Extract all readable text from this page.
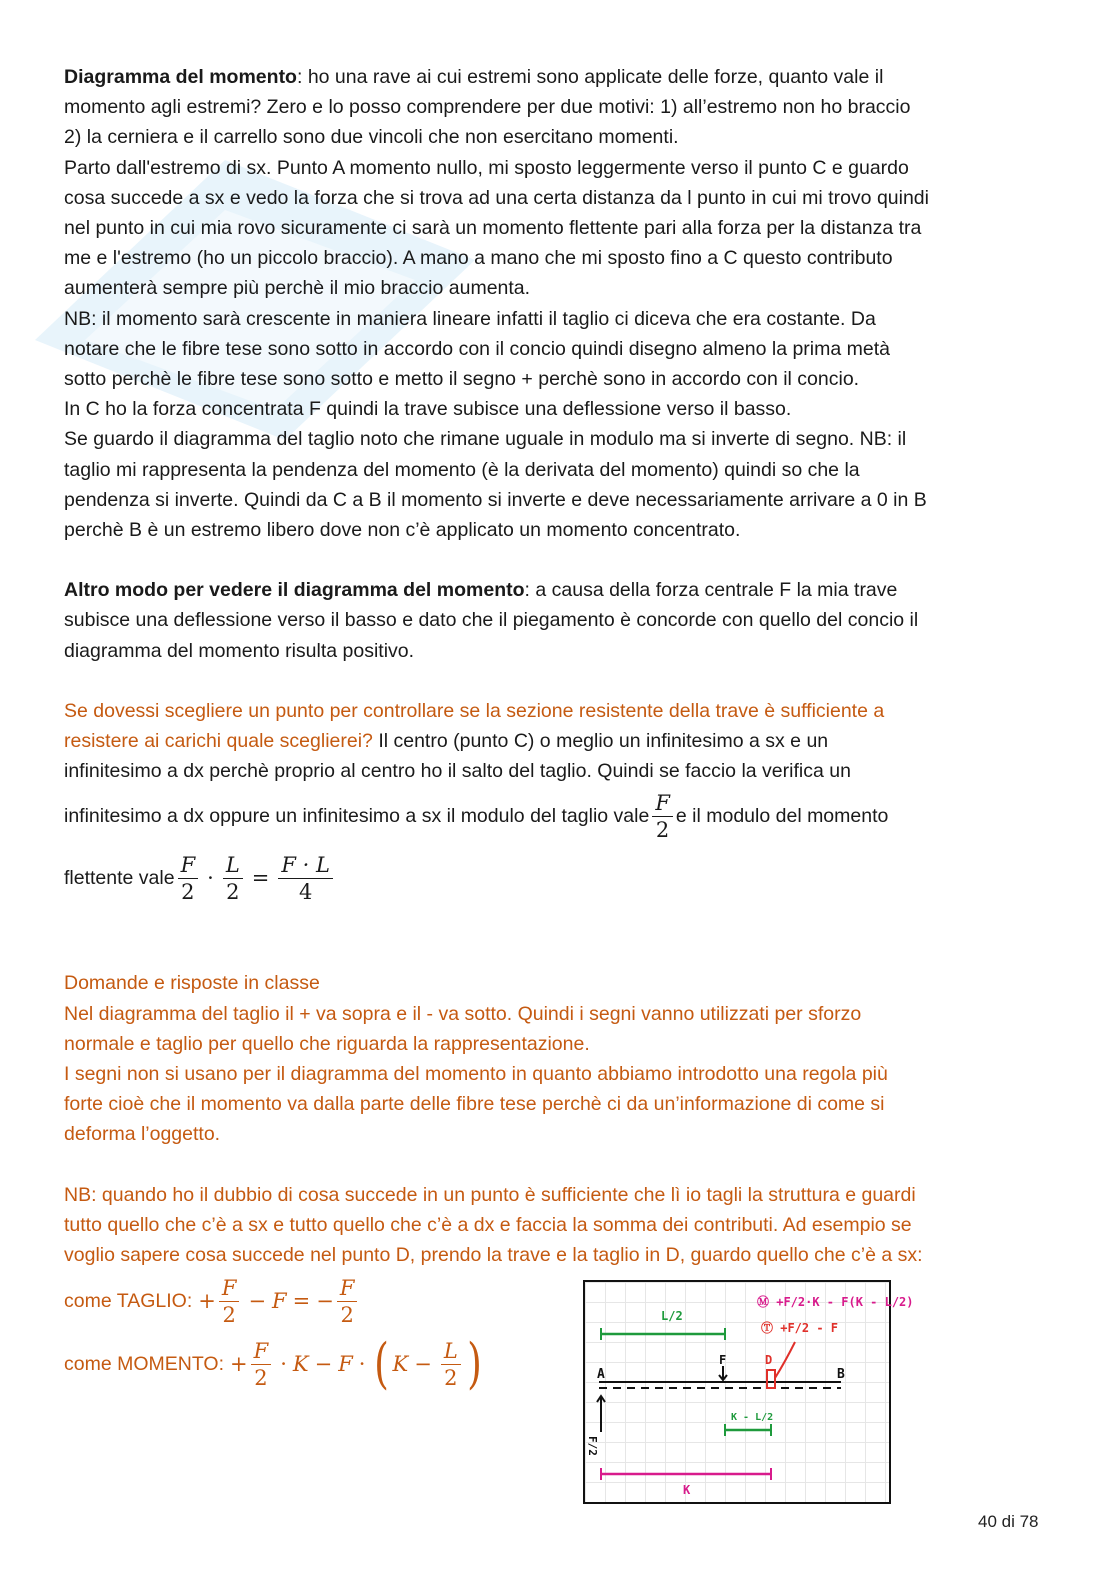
Diagramma del momento: ho una rave ai cui estremi sono applicate delle forze, quanto vale il

momento agli estremi? Zero e lo posso comprendere per due motivi: 1) all’estremo non ho braccio

2) la cerniera e il carrello sono due vincoli che non esercitano momenti.

Parto dall'estremo di sx. Punto A momento nullo, mi sposto leggermente verso il punto C e guardo

cosa succede a sx e vedo la forza che si trova ad una certa distanza da l punto in cui mi trovo quindi

nel punto in cui mia rovo sicuramente ci sarà un momento flettente pari alla forza per la distanza tra

me e l'estremo (ho un piccolo braccio). A mano a mano che mi sposto fino a C questo contributo

aumenterà sempre più perchè il mio braccio aumenta.

NB: il momento sarà crescente in maniera lineare infatti il taglio ci diceva che era costante. Da

notare che le fibre tese sono sotto in accordo con il concio quindi disegno almeno la prima metà

sotto perchè le fibre tese sono sotto e metto il segno + perchè sono in accordo con il concio.

In C ho la forza concentrata F quindi la trave subisce una deflessione verso il basso.

Se guardo il diagramma del taglio noto che rimane uguale in modulo ma si inverte di segno. NB: il

taglio mi rappresenta la pendenza del momento (è la derivata del momento) quindi so che la

pendenza si inverte. Quindi da C a B il momento si inverte e deve necessariamente arrivare a 0 in B

perchè B è un estremo libero dove non c’è applicato un momento concentrato.

Altro modo per vedere il diagramma del momento: a causa della forza centrale F la mia trave

subisce una deflessione verso il basso e dato che il piegamento è concorde con quello del concio il

diagramma del momento risulta positivo.

Se dovessi scegliere un punto per controllare se la sezione resistente della trave è sufficiente a

resistere ai carichi quale sceglierei? Il centro (punto C) o meglio un infinitesimo a sx e un

infinitesimo a dx perchè proprio al centro ho il salto del taglio. Quindi se faccio la verifica un

infinitesimo a dx oppure un infinitesimo a sx il modulo del taglio vale $\frac{F}{2}$ e il modulo del momento
flettente vale $\frac{F}{2} \cdot \frac{L}{2} = \frac{F \cdot L}{4}$

Domande e risposte in classe

Nel diagramma del taglio il + va sopra e il - va sotto. Quindi i segni vanno utilizzati per sforzo

normale e taglio per quello che riguarda la rappresentazione.

I segni non si usano per il diagramma del momento in quanto abbiamo introdotto una regola più

forte cioè che il momento va dalla parte delle fibre tese perchè ci da un’informazione di come si

deforma l’oggetto.

NB: quando ho il dubbio di cosa succede in un punto è sufficiente che lì io tagli la struttura e guardi

tutto quello che c’è a sx e tutto quello che c’è a dx e faccia la somma dei contributi. Ad esempio se

voglio sapere cosa succede nel punto D, prendo la trave e la taglio in D, guardo quello che c’è a sx:

come TAGLIO: + $\frac{F}{2} - F$ = − $\frac{F}{2}$
come MOMENTO: + $\frac{F}{2} \cdot K - F$ · ( $K - \frac{L}{2}$ )
L/2
Ⓜ +F/2·K - F(K - L/2)
Ⓣ +F/2 - F
A	B
F	D
F/2
K - L/2
K
40 di 78
